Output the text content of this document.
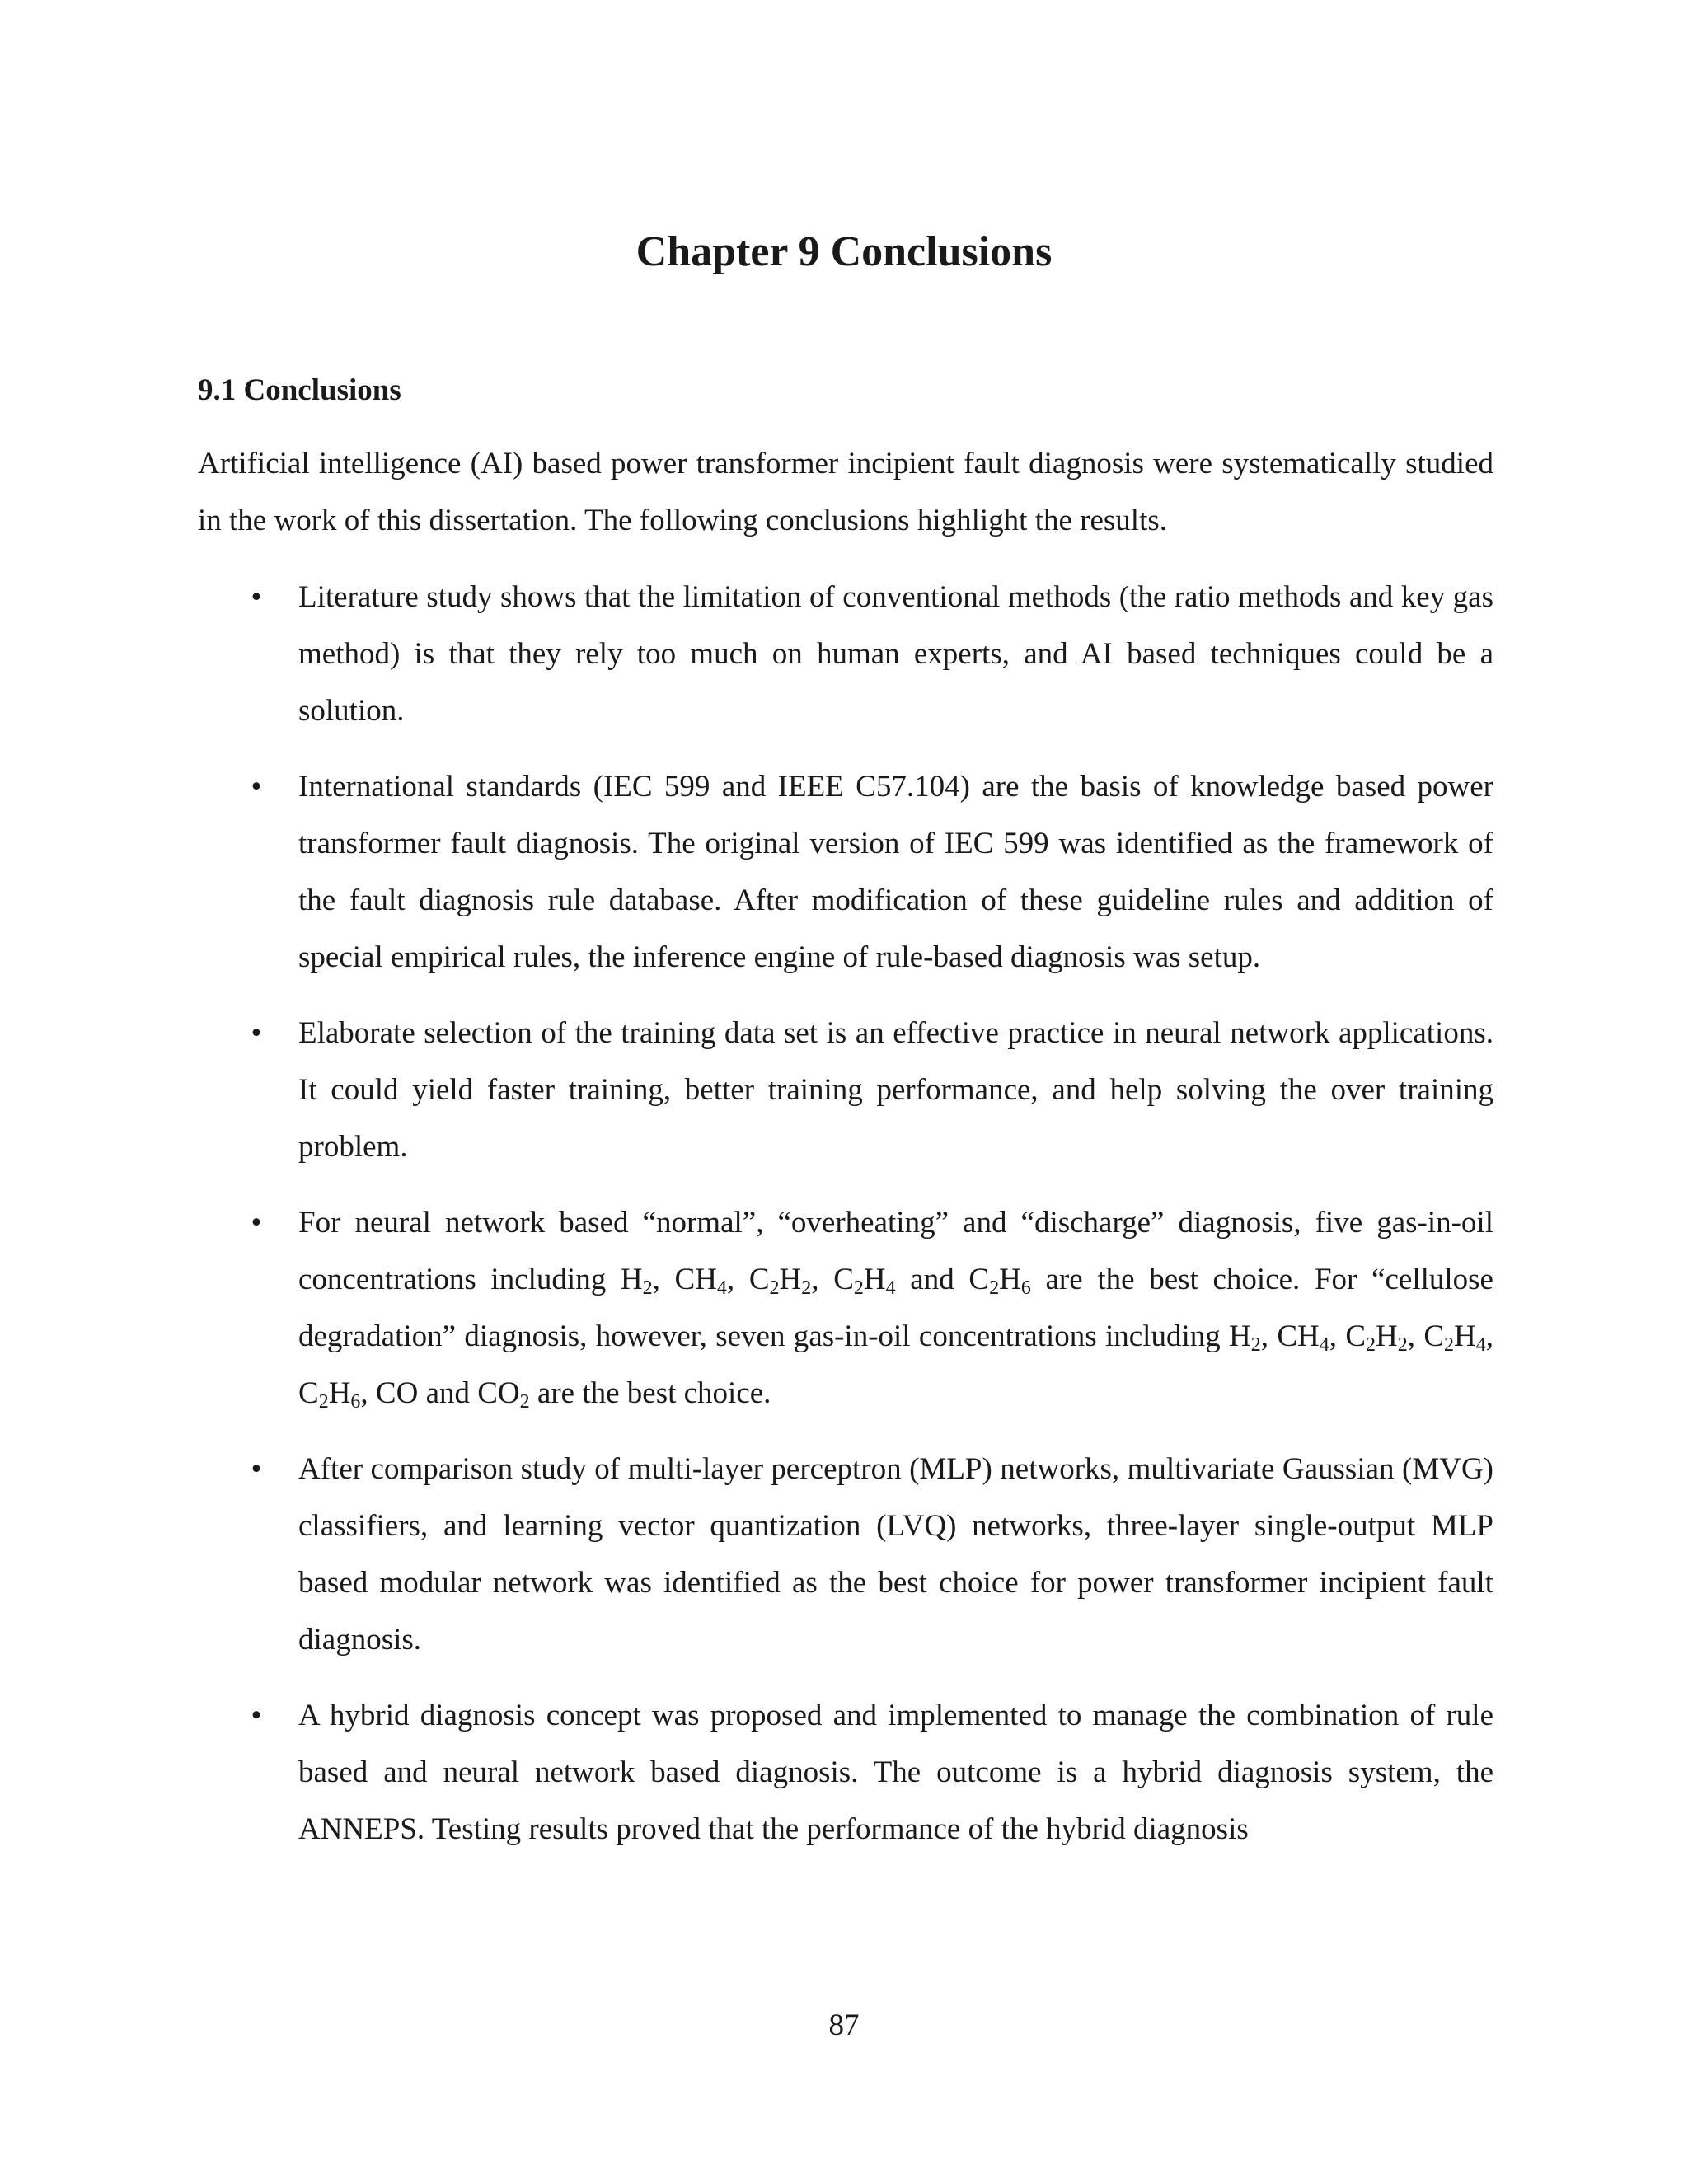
Chapter 9 Conclusions
9.1 Conclusions

Artificial intelligence (AI) based power transformer incipient fault diagnosis were systematically studied in the work of this dissertation. The following conclusions highlight the results.

• Literature study shows that the limitation of conventional methods (the ratio methods and key gas method) is that they rely too much on human experts, and AI based techniques could be a solution.
• International standards (IEC 599 and IEEE C57.104) are the basis of knowledge based power transformer fault diagnosis. The original version of IEC 599 was identified as the framework of the fault diagnosis rule database. After modification of these guideline rules and addition of special empirical rules, the inference engine of rule-based diagnosis was setup.
• Elaborate selection of the training data set is an effective practice in neural network applications. It could yield faster training, better training performance, and help solving the over training problem.
• For neural network based “normal”, “overheating” and “discharge” diagnosis, five gas-in-oil concentrations including $H_2$, $CH_4$, $C_2H_2$, $C_2H_4$ and $C_2H_6$ are the best choice. For “cellulose degradation” diagnosis, however, seven gas-in-oil concentrations including $H_2$, $CH_4$, $C_2H_2$, $C_2H_4$, $C_2H_6$, CO and $CO_2$ are the best choice.
• After comparison study of multi-layer perceptron (MLP) networks, multivariate Gaussian (MVG) classifiers, and learning vector quantization (LVQ) networks, three-layer single-output MLP based modular network was identified as the best choice for power transformer incipient fault diagnosis.
• A hybrid diagnosis concept was proposed and implemented to manage the combination of rule based and neural network based diagnosis. The outcome is a hybrid diagnosis system, the ANNEPS. Testing results proved that the performance of the hybrid diagnosis
87
